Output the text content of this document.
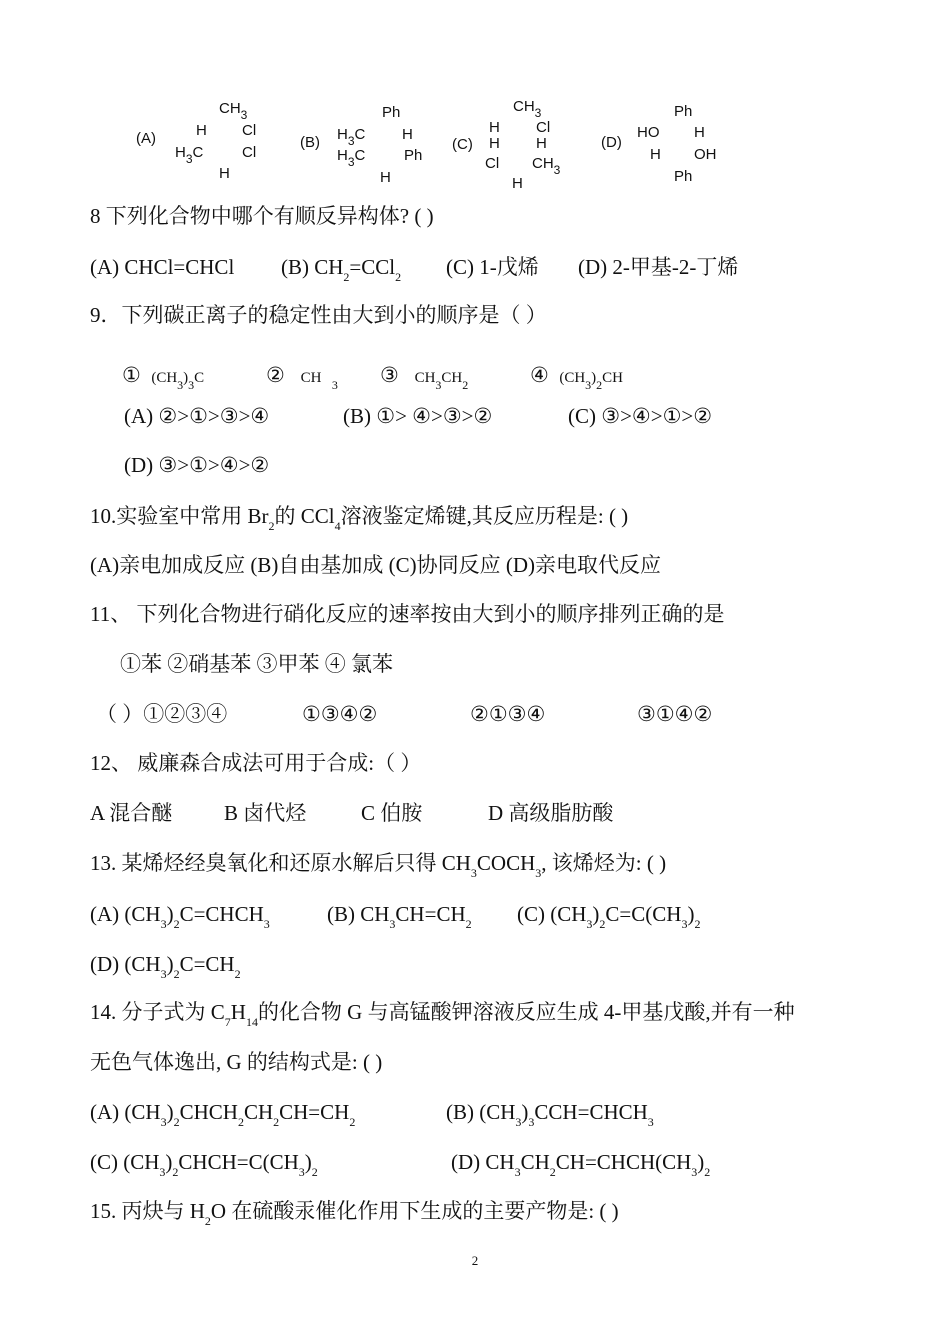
(A)
$CH_3$
H Cl
$H_3C$	Cl
H
(B)
Ph
$H_3C$ H
$H_3C$	Ph
H
(C)
$CH_3$
H Cl
H H
Cl $CH_3$
H
(D)
Ph
HO H
H OH
Ph
8 下列化合物中哪个有顺反异构体? ( )
(A) CHCl=CHCl (B) $CH_2=CCl_2$ (C) 1-戊烯 (D) 2-甲基-2-丁烯
9．下列碳正离子的稳定性由大到小的顺序是（ ）
① $(CH_3)_3C$	② CH $_3$ ③ $CH_3CH_2$	④ $(CH_3)_2CH$
(A) ②>①>③>④	(B) ①> ④>③>②	(C) ③>④>①>②
(D) ③>①>④>②
10.实验室中常用 $Br_2$的 CCl$_4$溶液鉴定烯键,其反应历程是: ( )
(A)亲电加成反应 (B)自由基加成 (C)协同反应 (D)亲电取代反应
11、 下列化合物进行硝化反应的速率按由大到小的顺序排列正确的是
①苯 ②硝基苯 ③甲苯 ④ 氯苯
（ ）①②③④	①③④②	②①③④	③①④②
12、 威廉森合成法可用于合成:（ ）
A 混合醚 B 卤代烃	C 伯胺	D 高级脂肪酸
13. 某烯烃经臭氧化和还原水解后只得 $CH_3COCH_3$, 该烯烃为: ( )
(A) $(CH_3)_2C=CHCH_3$	(B) $CH_3CH=CH_2$ (C) $(CH_3)_2C=C(CH_3)_2$
(D) $(CH_3)_2C=CH_2$
14. 分子式为 $C_7H_{14}$的化合物 G 与高锰酸钾溶液反应生成 4-甲基戊酸,并有一种
无色气体逸出, G 的结构式是: ( )
(A) $(CH_3)_2CHCH_2CH_2CH=CH_2$	(B) $(CH_3)_3CCH=CHCH_3$
(C) $(CH_3)_2CHCH=C(CH_3)_2$	(D) $CH_3CH_2CH=CHCH(CH_3)_2$
15. 丙炔与 $H_2O$ 在硫酸汞催化作用下生成的主要产物是: ( )
2
